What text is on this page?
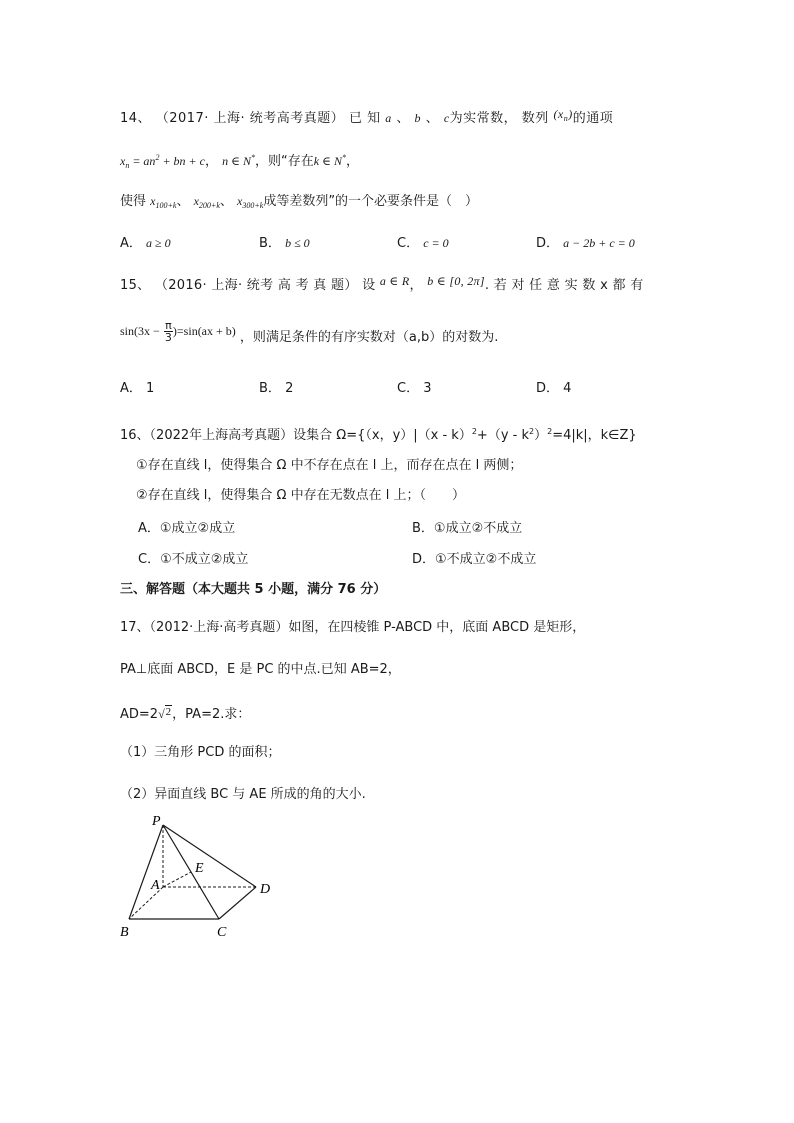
14、 （2017· 上海· 统考高考真题） 已 知 a 、 b 、 c为实常数， 数列 $(x_n)$的通项
$x_n = an^2$ + bn + c， n ∈ N*，则“存在k ∈ N*，
使得 $x_{100+k}$、 $x_{200+k}$、 $x_{300+k}$成等差数列”的一个必要条件是（　）
A． a ≥ 0	B． b ≤ 0	C． c = 0	D． a − 2b + c = 0
15、 （2016· 上海· 统考 高 考 真 题） 设 a ∈ R， b ∈ [0, 2π]. 若 对 任 意 实 数 x 都 有
$\sin(3x - \frac{\pi}{3} )=\sin(ax + b)$ ，则满足条件的有序实数对（a,b）的对数为.
A． 1	B． 2	C． 3	D． 4
16、（2022年上海高考真题）设集合 Ω={（x，$y)|(x - k)^2+(y - k^2)^2=4|k|$，k∈Z}
①存在直线 l，使得集合 Ω 中不存在点在 l 上，而存在点在 l 两侧；
②存在直线 l，使得集合 Ω 中存在无数点在 l 上；（　　）
A．①成立②成立	B．①成立②不成立
C．①不成立②成立	D．①不成立②不成立
三、解答题（本大题共 5 小题，满分 76 分）
17、（2012·上海·高考真题）如图，在四棱锥 P-ABCD 中，底面 ABCD 是矩形，
PA⊥底面 ABCD，E 是 PC 的中点.已知 AB=2，
AD=2√2，PA=2.求：
（1）三角形 PCD 的面积；
（2）异面直线 BC 与 AE 所成的角的大小.
P
A
E
D
B	C
